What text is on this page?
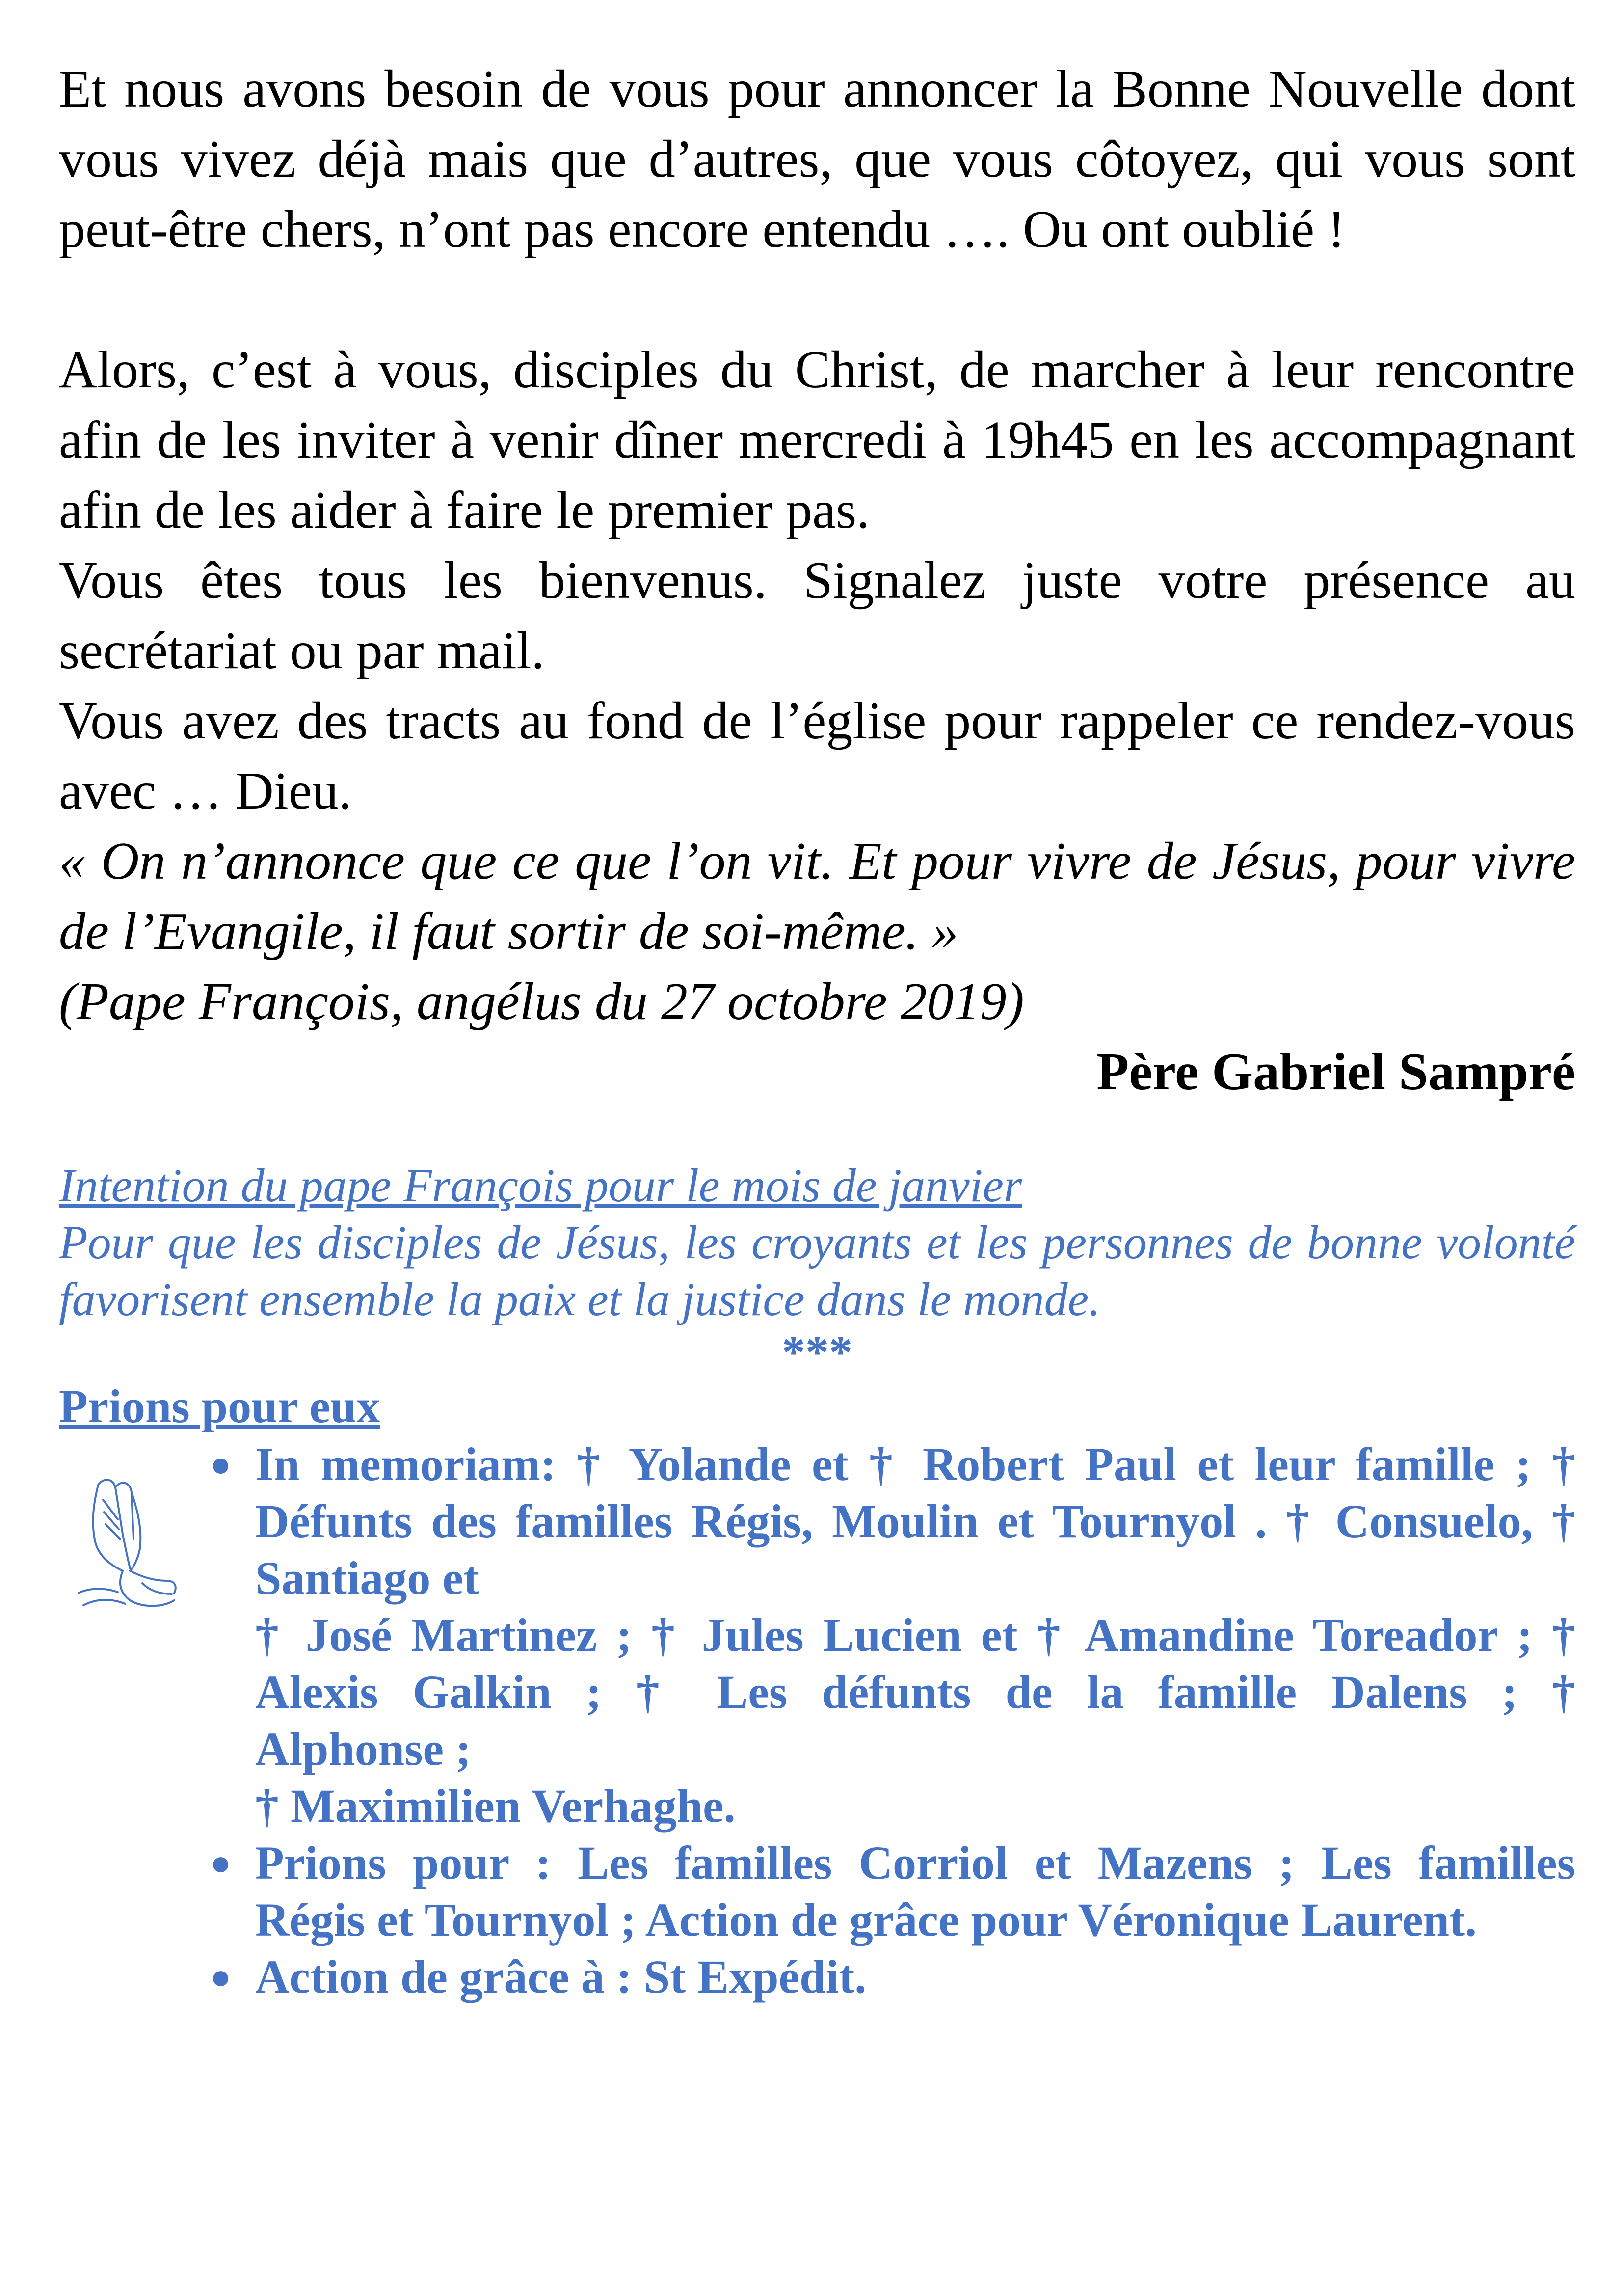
Et nous avons besoin de vous pour annoncer la Bonne Nouvelle dont vous vivez déjà mais que d’autres, que vous côtoyez, qui vous sont peut-être chers, n’ont pas encore entendu …. Ou ont oublié !

Alors, c’est à vous, disciples du Christ, de marcher à leur rencontre afin de les inviter à venir dîner mercredi à 19h45 en les accompagnant afin de les aider à faire le premier pas.

Vous êtes tous les bienvenus. Signalez juste votre présence au secrétariat ou par mail.

Vous avez des tracts au fond de l’église pour rappeler ce rendez-vous avec … Dieu.

« On n’annonce que ce que l’on vit. Et pour vivre de Jésus, pour vivre de l’Evangile, il faut sortir de soi-même. »

(Pape François, angélus du 27 octobre 2019)

Père Gabriel Sampré

Intention du pape François pour le mois de janvier

Pour que les disciples de Jésus, les croyants et les personnes de bonne volonté favorisent ensemble la paix et la justice dans le monde.

***

Prions pour eux

● In memoriam: † Yolande et † Robert Paul et leur famille ; †
Défunts des familles Régis, Moulin et Tournyol . † Consuelo, †
Santiago et
† José Martinez ; † Jules Lucien et † Amandine Toreador ; †
Alexis Galkin ; † Les défunts de la famille Dalens ; †
Alphonse ;
† Maximilien Verhaghe.
● Prions pour : Les familles Corriol et Mazens ; Les familles
Régis et Tournyol ; Action de grâce pour Véronique Laurent.
● Action de grâce à : St Expédit.
